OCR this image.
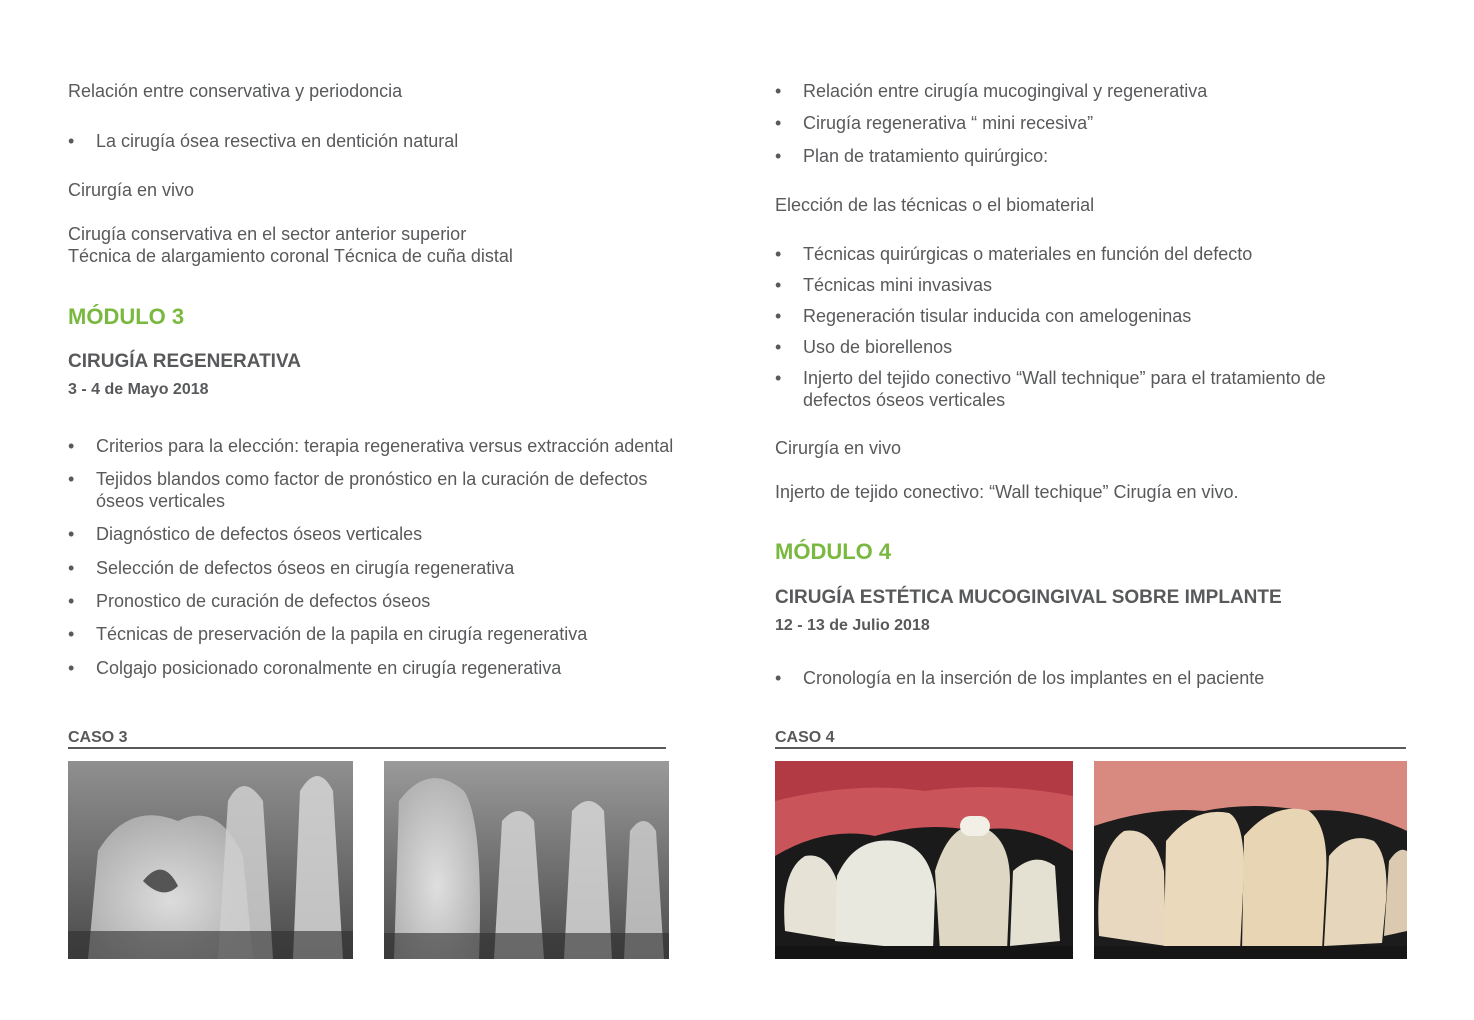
Relación entre conservativa y periodoncia
•	La cirugía ósea resectiva en dentición natural
Cirurgía en vivo
Cirugía conservativa en el sector anterior superior
Técnica de alargamiento coronal Técnica de cuña distal
MÓDULO 3
CIRUGÍA REGENERATIVA
3 - 4 de Mayo 2018
•	Criterios para la elección: terapia regenerativa versus extracción adental
•	Tejidos blandos como factor de pronóstico en la curación de defectos
óseos verticales
•	Diagnóstico de defectos óseos verticales
•	Selección de defectos óseos en cirugía regenerativa
•	Pronostico de curación de defectos óseos
•	Técnicas de preservación de la papila en cirugía regenerativa
•	Colgajo posicionado coronalmente en cirugía regenerativa
CASO 3
•	Relación entre cirugía mucogingival y regenerativa
•	Cirugía regenerativa “ mini recesiva”
•	Plan de tratamiento quirúrgico:
Elección de las técnicas o el biomaterial
•	Técnicas quirúrgicas o materiales en función del defecto
•	Técnicas mini invasivas
•	Regeneración tisular inducida con amelogeninas
•	Uso de biorellenos
•	Injerto del tejido conectivo “Wall technique” para el tratamiento de
defectos óseos verticales
Cirurgía en vivo
Injerto de tejido conectivo: “Wall techique” Cirugía en vivo.
MÓDULO 4
CIRUGÍA ESTÉTICA MUCOGINGIVAL SOBRE IMPLANTE
12 - 13 de Julio 2018
•	Cronología en la inserción de los implantes en el paciente
CASO 4
